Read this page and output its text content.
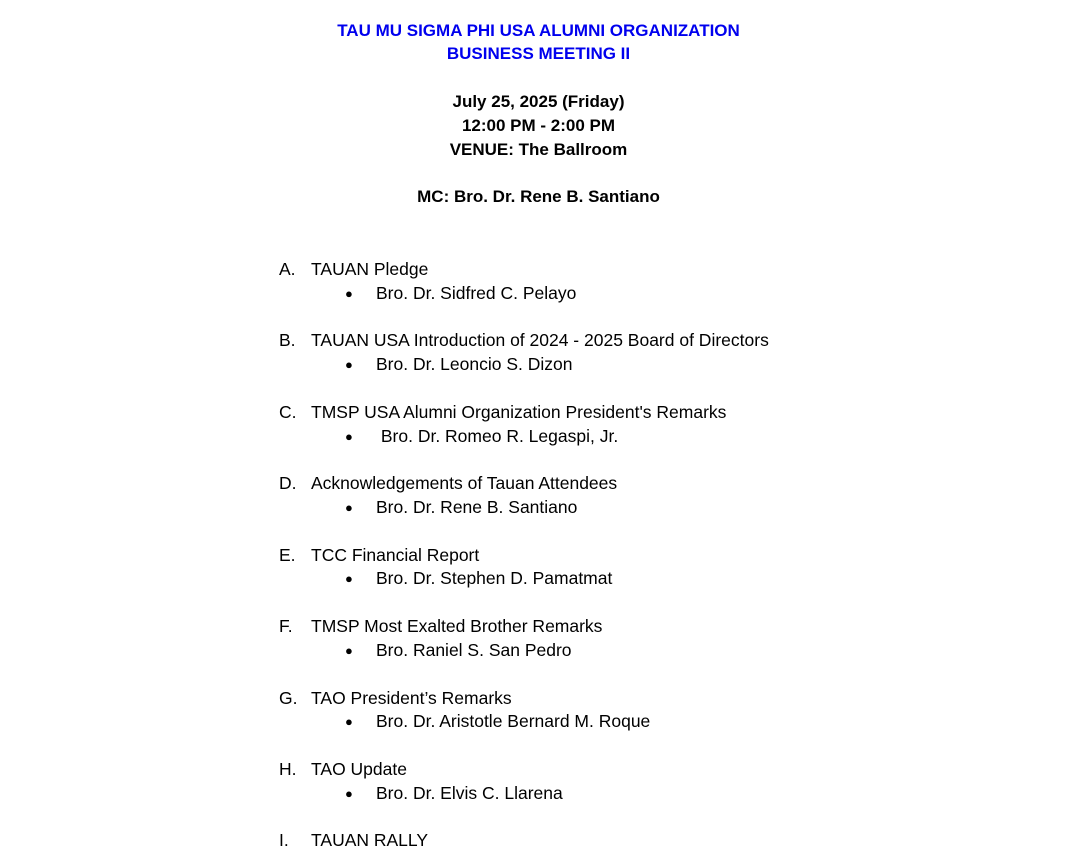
TAU MU SIGMA PHI USA ALUMNI ORGANIZATION
BUSINESS MEETING II
July 25, 2025 (Friday)
12:00 PM - 2:00 PM
VENUE: The Ballroom
MC: Bro. Dr. Rene B. Santiano
A. TAUAN Pledge
● Bro. Dr. Sidfred C. Pelayo
B. TAUAN USA Introduction of 2024 - 2025 Board of Directors
● Bro. Dr. Leoncio S. Dizon
C. TMSP USA Alumni Organization President's Remarks
● Bro. Dr. Romeo R. Legaspi, Jr.
D. Acknowledgements of Tauan Attendees
● Bro. Dr. Rene B. Santiano
E. TCC Financial Report
● Bro. Dr. Stephen D. Pamatmat
F. TMSP Most Exalted Brother Remarks
● Bro. Raniel S. San Pedro
G. TAO President’s Remarks
● Bro. Dr. Aristotle Bernard M. Roque
H. TAO Update
● Bro. Dr. Elvis C. Llarena
I. TAUAN RALLY
